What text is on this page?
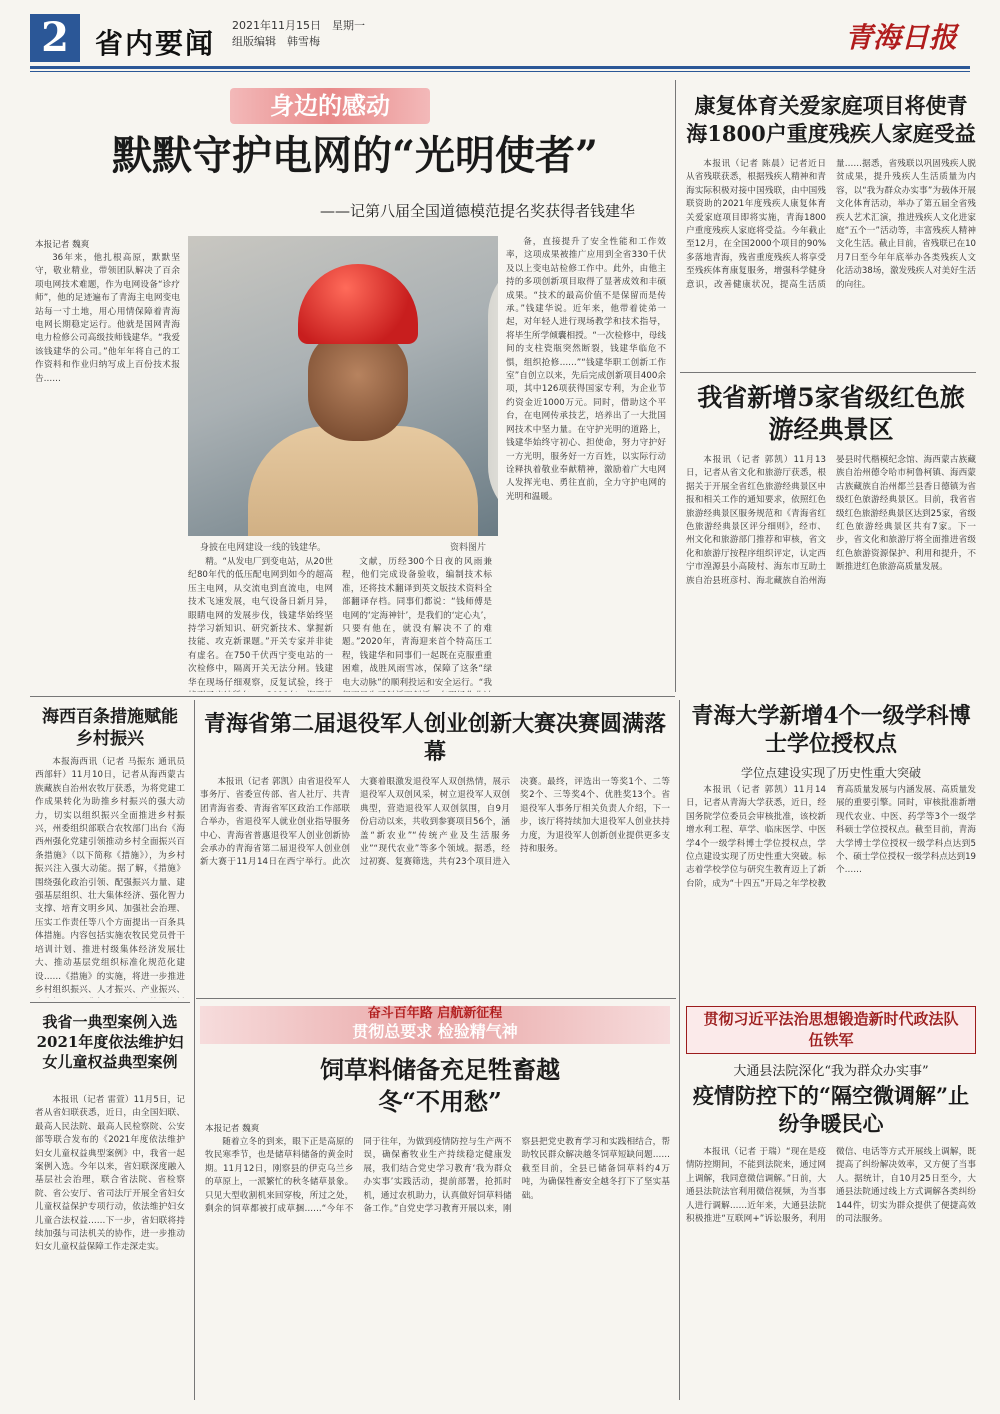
2 省内要闻
2021年11月15日　星期一
组版编辑　韩雪梅	青海日报
身边的感动
默默守护电网的“光明使者”
——记第八届全国道德模范提名奖获得者钱建华
本报记者 魏爽

36年来，他扎根高原，默默坚守，敬业精业，带领团队解决了百余项电网技术难题，作为电网设备“诊疗师”，他的足迹遍布了青海主电网变电站每一寸土地，用心用情保障着青海电网长期稳定运行。他就是国网青海电力检修公司高级技师钱建华。“我爱该钱建华的公司。”他年年将自己的工作资料和作业归纳写成上百份技术报告……

身披在电网建设一线的钱建华。	资料图片

精。“从发电厂到变电站，从20世纪80年代的低压配电网到如今的超高压主电网，从交流电到直流电，电网技术飞速发展，电气设备日新月异，眼睛电网的发展步伐，钱建华始终坚持学习新知识、研究新技术、掌握新技能、攻克新课题。”开关专家并非徒有虚名。在750千伏西宁变电站的一次检修中，隔离开关无法分闸。钱建华在现场仔细观察，反复试验，终于

文献，历经300个日夜的风雨兼程，他们完成设备验收，编制技术标准，还将技术翻译到英文版技术资料全部翻译存档。同事们都说：“钱师傅是电网的‘定海神针’，是我们的‘定心丸’，只要有他在，就没有解决不了的难题。”2020年，青海迎来首个特高压工程，钱建华和同事们一起既在克服重重困难，战胜风雨雪冰，保障了这条“绿电大动脉”的顺利投运和安全运行。“我

备，直接提升了安全性能和工作效率，这项成果被推广应用到全省330千伏及以上变电站检修工作中。此外，由他主持的多项创新项目取得了显著成效和丰硕成果。“技术的最高价值不是保留而是传承。”钱建华说。近年来，他带着徒弟一起，对年轻人进行现场教学和技术指导，将毕生所学倾囊相授。“一次检修中，母线间的支柱瓷瓶突然断裂，钱建华临危不惧，组织抢修……”“钱建华职工创新工作室”自创立以来，先后完成创新项目400余项，其中126项获得国家专利，为企业节约资金近1000万元。同时，借助这个平台，在电网传承技艺，培养出了一大批国网技术中坚力量。在守护光明的道路上，钱建华始终守初心、担使命，努力守护好一方光明，服务好一方百姓，以实际行动诠释执着敬业奉献精神，激励着广大电网人发挥光电、勇往直前，全力守护电网的光明和温暖。

康复体育关爱家庭项目将使青海1800户重度残疾人家庭受益

本报讯（记者 陈晨）记者近日从省残联获悉，根据残疾人精神和青海实际积极对接中国残联，由中国残联资助的2021年度残疾人康复体育关爱家庭项目即将实施，青海1800户重度残疾人家庭将受益。今年截止至12月，在全国2000个项目的90%多落地青海，残省重度残疾人将享受至残疾体育康复服务，增强科学健身意识，改善健康状况，提高生活质量……据悉，省残联以巩固残疾人脱贫成果，提升残疾人生活质量为内容，以“我为群众办实事”为载体开展文化体育活动，举办了第五届全省残疾人艺术汇演，推进残疾人文化进家庭“五个一”活动等，丰富残疾人精神文化生活。截止目前，省残联已在10月7日至今年年底举办各类残疾人文化活动38场，激发残疾人对美好生活的向往。

我省新增5家省级红色旅游经典景区

本报讯（记者 郭凯）11月13日，记者从省文化和旅游厅获悉，根据关于开展全省红色旅游经典景区申报和相关工作的通知要求，依照红色旅游经典景区服务规范和《青海省红色旅游经典景区评分细则》，经市、州文化和旅游部门推荐和审核，省文化和旅游厅按程序组织评定，认定西宁市湟源县小高陵村、海东市互助土族自治县班彦村、海北藏族自治州海晏县时代楷模纪念馆、海西蒙古族藏族自治州德令哈市柯鲁柯镇、海西蒙古族藏族自治州都兰县香日德镇为省级红色旅游经典景区。目前，我省省级红色旅游经典景区达到25家，省级红色旅游经典景区共有7家。下一步，省文化和旅游厅将全面推进省级红色旅游资源保护、利用和提升，不断推进红色旅游高质量发展。

海西百条措施赋能乡村振兴

本报海西讯（记者 马振东 通讯员 西部轩）11月10日，记者从海西蒙古族藏族自治州农牧厅获悉，为将党建工作成果转化为助推乡村振兴的强大动力，切实以组织振兴全面推进乡村振兴，州委组织部联合农牧部门出台《海西州强化党建引领推动乡村全面振兴百条措施》（以下简称《措施》），为乡村振兴注入强大动能。据了解，《措施》围绕强化政治引领、配强振兴力量、建强基层组织、壮大集体经济、强化智力支撑、培育文明乡风、加强社会治理、压实工作责任等八个方面提出一百条具体措施。内容包括实施农牧民党员骨干培训计划、推进村级集体经济发展壮大、推动基层党组织标准化规范化建设……《措施》的实施，将进一步推进乡村组织振兴、人才振兴、产业振兴、

我省一典型案例入选2021年度依法维护妇女儿童权益典型案例

本报讯（记者 雷萱）11月5日，记者从省妇联获悉，近日，由全国妇联、最高人民法院、最高人民检察院、公安部等联合发布的《2021年度依法维护妇女儿童权益典型案例》中，我省一起案例入选。今年以来，省妇联深度融入基层社会治理，联合省法院、省检察院、省公安厅、省司法厅开展全省妇女儿童权益保护专项行动，依法维护妇女儿童合法权益……下一步，省妇联将持续加强与司法机关的协作，进一步推动妇女儿童权益保障工作走深走实。

青海省第二届退役军人创业创新大赛决赛圆满落幕

本报讯（记者 郭凯）由省退役军人事务厅、省委宣传部、省人社厅、共青团青海省委、青海省军区政治工作部联合举办，省退役军人就业创业指导服务中心、青海省普惠退役军人创业创新协会承办的青海省第二届退役军人创业创新大赛于11月14日在西宁举行。此次大赛着眼激发退役军人双创热情，展示退役军人双创风采，树立退役军人双创典型，营造退役军人双创氛围，自9月份启动以来，共收到参赛项目56个，涵盖“新农业”“传统产业及生活服务业”“现代农业”等多个领域。据悉，经过初赛、复赛筛选，共有23个项目进入决赛。最终，评选出一等奖1个、二等奖2个、三等奖4个、优胜奖13个。省退役军人事务厅相关负责人介绍，下一步，该厅将持续加大退役军人创业扶持力度，为退役军人创新创业提供更多支持和服务。

青海大学新增4个一级学科博士学位授权点
学位点建设实现了历史性重大突破

本报讯（记者 郭凯）11月14日，记者从青海大学获悉，近日，经国务院学位委员会审核批准，该校新增水利工程、草学、临床医学、中医学4个一级学科博士学位授权点，学位点建设实现了历史性重大突破。标志着学校学位与研究生教育迈上了新台阶，成为“十四五”开局之年学校教育高质量发展与内涵发展、高质量发展的重要引擎。同时，审核批准新增现代农业、中医、药学等3个一级学科硕士学位授权点。截至目前，青海大学博士学位授权一级学科点达到5个、硕士学位授权一级学科点达到19个……

奋斗百年路 启航新征程
贯彻总要求 检验精气神
饲草料储备充足牲畜越冬“不用愁”
本报记者 魏爽

随着立冬的到来，眼下正是高原的牧民寒季节，也是储草料储备的黄金时期。11月12日，刚察县的伊克乌兰乡的草原上，一派繁忙的秋冬储草景象。只见大型收割机来回穿梭，所过之处，剩余的饲草都被打成草捆……“今年不同于往年，为做到疫情防控与生产两不误，确保畜牧业生产持续稳定健康发展，我们结合党史学习教育‘我为群众办实事’实践活动，提前部署，抢抓时机，通过农机助力，认真做好饲草料储备工作。”自党史学习教育开展以来，刚察县把党史教育学习和实践相结合，帮助牧民群众解决越冬饲草短缺问题……截至目前，全县已储备饲草料约4万吨，为确保牲畜安全越冬打下了坚实基础。

贯彻习近平法治思想锻造新时代政法队伍铁军
大通县法院深化“我为群众办实事”
疫情防控下的“隔空微调解”止纷争暖民心

本报讯（记者 于瑞）“现在是疫情防控期间，不能到法院来，通过网上调解，我同意微信调解。”日前，大通县法院法官利用微信视频，为当事人进行调解……近年来，大通县法院积极推进“互联网+”诉讼服务，利用微信、电话等方式开展线上调解，既提高了纠纷解决效率，又方便了当事人。据统计，自10月25日至今，大通县法院通过线上方式调解各类纠纷144件，切实为群众提供了便捷高效的司法服务。
